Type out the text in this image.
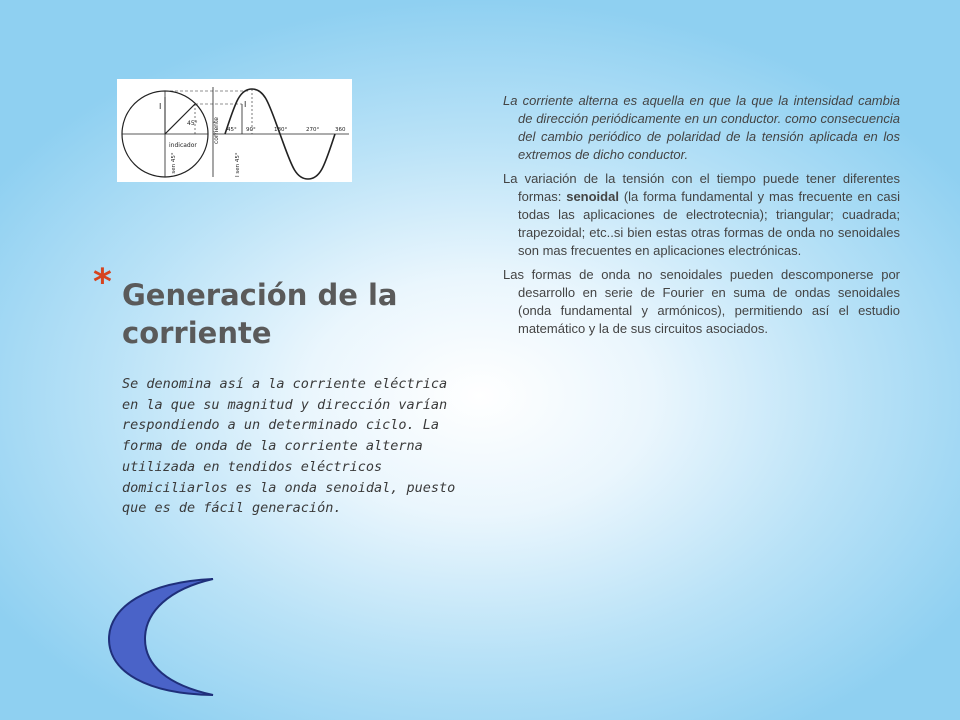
indicador
45°
I	I
corriente
I sen 45°	I sen 45°
45° 90°	180°	270°	360
* Generación de la corriente
Se denomina así a la corriente eléctrica en la que su magnitud y dirección varían respondiendo a un determinado ciclo. La forma de onda de la corriente alterna utilizada en tendidos eléctricos domiciliarlos es la onda senoidal, puesto que es de fácil generación.

La corriente alterna es aquella en que la que la intensidad cambia de dirección periódicamente en un conductor. como consecuencia del cambio periódico de polaridad de la tensión aplicada en los extremos de dicho conductor.

La variación de la tensión con el tiempo puede tener diferentes formas: senoidal (la forma fundamental y mas frecuente en casi todas las aplicaciones de electrotecnia); triangular; cuadrada; trapezoidal; etc..si bien estas otras formas de onda no senoidales son mas frecuentes en aplicaciones electrónicas.

Las formas de onda no senoidales pueden descomponerse por desarrollo en serie de Fourier en suma de ondas senoidales (onda fundamental y armónicos), permitiendo así el estudio matemático y la de sus circuitos asociados.
